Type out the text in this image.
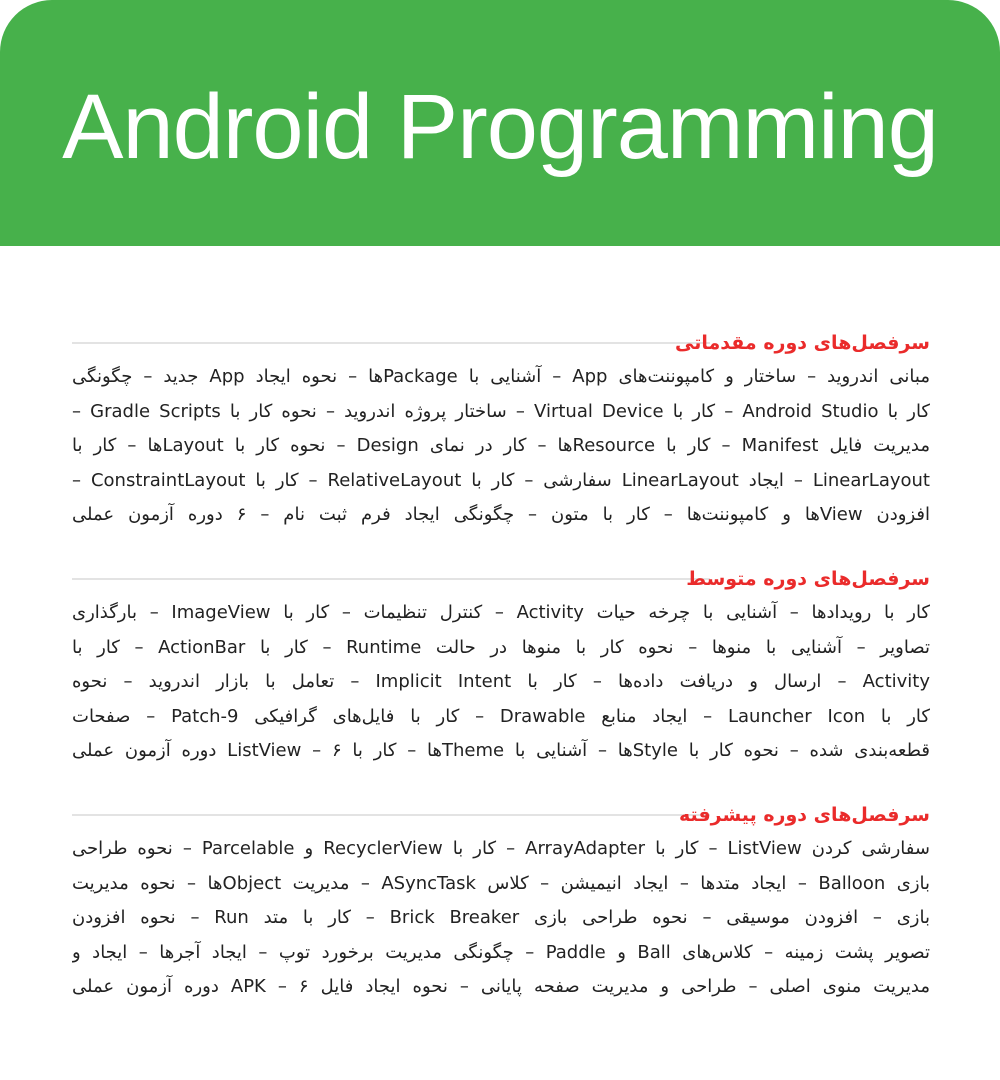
Android Programming
سرفصل‌های دوره مقدماتی
مبانی اندروید – ساختار و کامپوننت‌های App – آشنایی با Packageها – نحوه ایجاد App جدید – چگونگی
کار با Android Studio – کار با Virtual Device – ساختار پروژه اندروید – نحوه کار با Gradle Scripts –
مدیریت فایل Manifest – کار با Resourceها – کار در نمای Design – نحوه کار با Layoutها – کار با
LinearLayout – ایجاد LinearLayout سفارشی – کار با RelativeLayout – کار با ConstraintLayout –
افزودن Viewها و کامپوننت‌ها – کار با متون – چگونگی ایجاد فرم ثبت نام – ۶ دوره آزمون عملی
سرفصل‌های دوره متوسط
کار با رویدادها – آشنایی با چرخه حیات Activity – کنترل تنظیمات – کار با ImageView – بارگذاری
تصاویر – آشنایی با منوها – نحوه کار با منوها در حالت Runtime – کار با ActionBar – کار با
Activity – ارسال و دریافت داده‌ها – کار با Implicit Intent – تعامل با بازار اندروید – نحوه
کار با Launcher Icon – ایجاد منابع Drawable – کار با فایل‌های گرافیکی 9-Patch – صفحات
قطعه‌بندی شده – نحوه کار با Styleها – آشنایی با Themeها – کار با ListView – ۶ دوره آزمون عملی
سرفصل‌های دوره پیشرفته
سفارشی کردن ListView – کار با ArrayAdapter – کار با RecyclerView و Parcelable – نحوه طراحی
بازی Balloon – ایجاد متدها – ایجاد انیمیشن – کلاس ASyncTask – مدیریت Objectها – نحوه مدیریت
بازی – افزودن موسیقی – نحوه طراحی بازی Brick Breaker – کار با متد Run – نحوه افزودن
تصویر پشت زمینه – کلاس‌های Ball و Paddle – چگونگی مدیریت برخورد توپ – ایجاد آجرها – ایجاد و
مدیریت منوی اصلی – طراحی و مدیریت صفحه پایانی – نحوه ایجاد فایل APK – ۶ دوره آزمون عملی
